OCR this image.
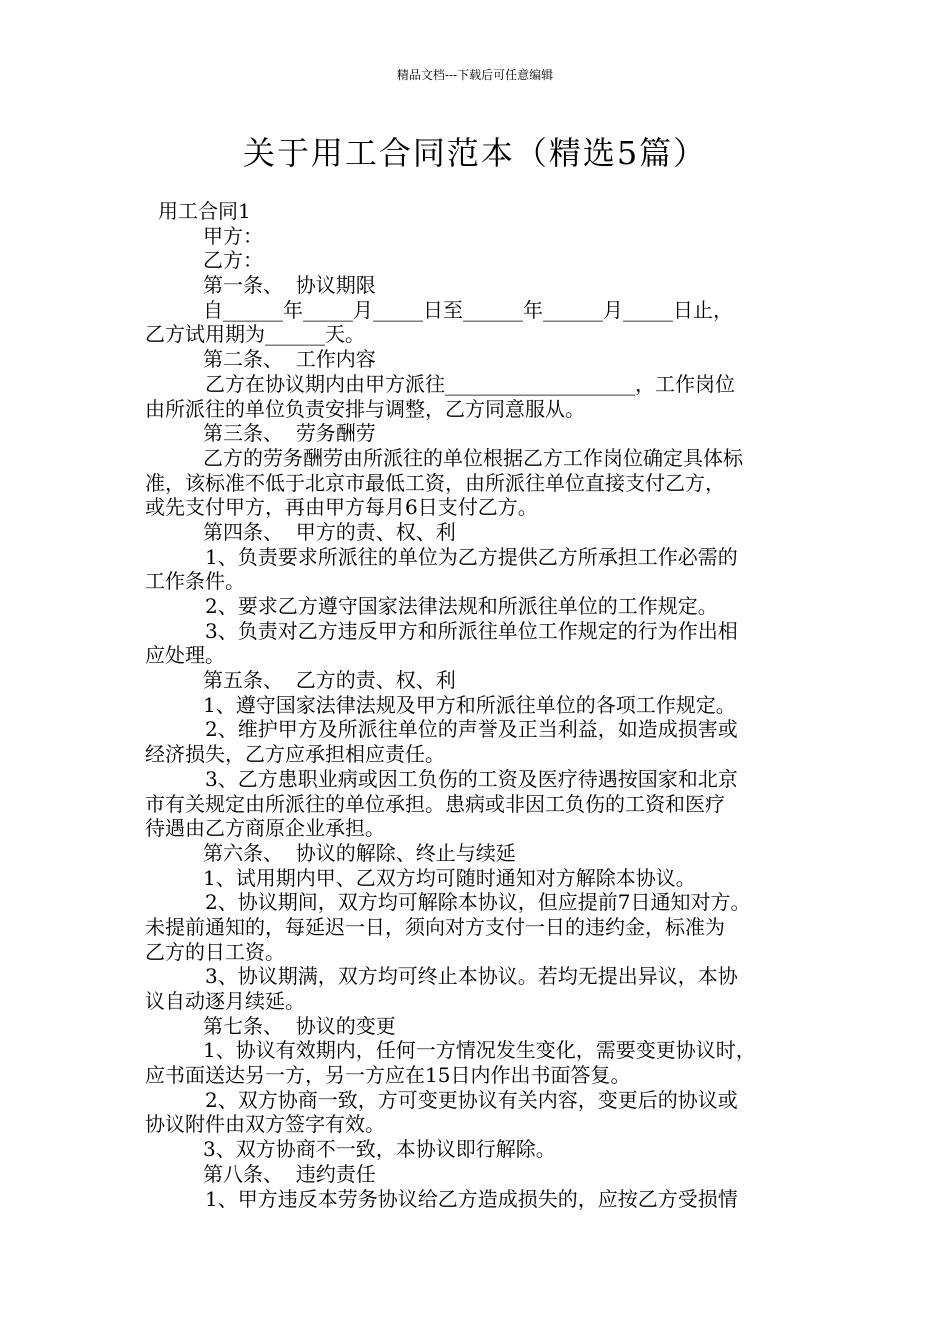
精品文档---下载后可任意编辑
关于用工合同范本（精选5篇）
用工合同1
甲方：
乙方：
第一条、  协议期限
自______年_____月_____日至______年______月_____日止，
乙方试用期为______天。
第二条、  工作内容
乙方在协议期内由甲方派往___________________，工作岗位
由所派往的单位负责安排与调整，乙方同意服从。
第三条、  劳务酬劳
乙方的劳务酬劳由所派往的单位根据乙方工作岗位确定具体标
准，该标准不低于北京市最低工资，由所派往单位直接支付乙方，
或先支付甲方，再由甲方每月6日支付乙方。
第四条、  甲方的责、权、利
1、负责要求所派往的单位为乙方提供乙方所承担工作必需的
工作条件。
2、要求乙方遵守国家法律法规和所派往单位的工作规定。
3、负责对乙方违反甲方和所派往单位工作规定的行为作出相
应处理。
第五条、  乙方的责、权、利
1、遵守国家法律法规及甲方和所派往单位的各项工作规定。
2、维护甲方及所派往单位的声誉及正当利益，如造成损害或
经济损失，乙方应承担相应责任。
3、乙方患职业病或因工负伤的工资及医疗待遇按国家和北京
市有关规定由所派往的单位承担。患病或非因工负伤的工资和医疗
待遇由乙方商原企业承担。
第六条、  协议的解除、终止与续延
1、试用期内甲、乙双方均可随时通知对方解除本协议。
2、协议期间，双方均可解除本协议，但应提前7日通知对方。
未提前通知的，每延迟一日，须向对方支付一日的违约金，标准为
乙方的日工资。
3、协议期满，双方均可终止本协议。若均无提出异议，本协
议自动逐月续延。
第七条、  协议的变更
1、协议有效期内，任何一方情况发生变化，需要变更协议时，
应书面送达另一方，另一方应在15日内作出书面答复。
2、双方协商一致，方可变更协议有关内容，变更后的协议或
协议附件由双方签字有效。
3、双方协商不一致，本协议即行解除。
第八条、  违约责任
1、甲方违反本劳务协议给乙方造成损失的，应按乙方受损情
